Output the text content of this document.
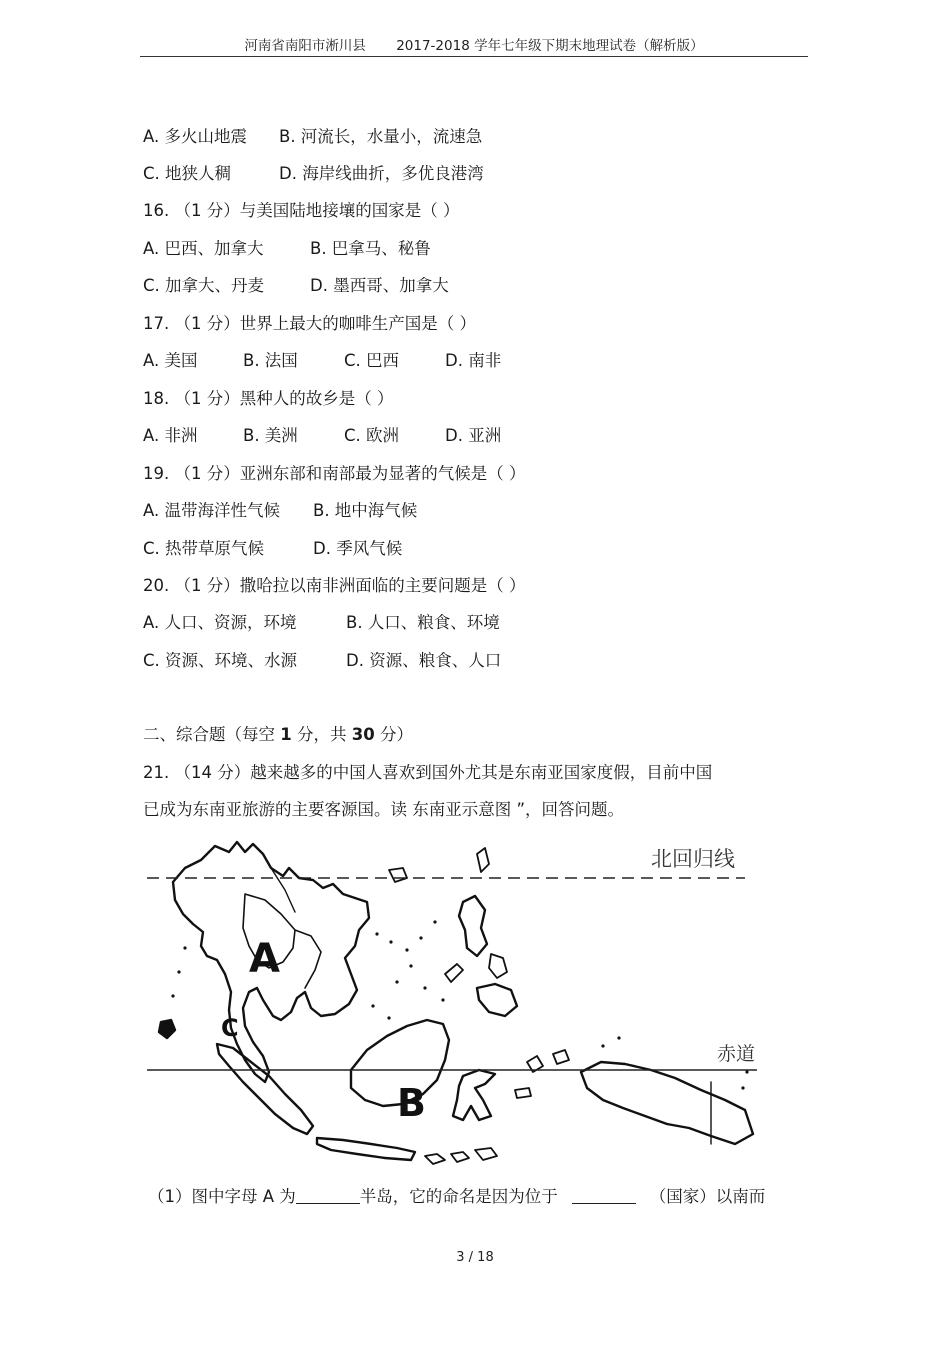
河南省南阳市淅川县 2017-2018 学年七年级下期末地理试卷（解析版）
A. 多火山地震 B. 河流长，水量小，流速急
C. 地狭人稠	D. 海岸线曲折，多优良港湾
16. （1 分）与美国陆地接壤的国家是（ ）
A. 巴西、加拿大	B. 巴拿马、秘鲁
C. 加拿大、丹麦	D. 墨西哥、加拿大
17. （1 分）世界上最大的咖啡生产国是（ ）
A. 美国	B. 法国	C. 巴西	D. 南非
18. （1 分）黑种人的故乡是（ ）
A. 非洲	B. 美洲	C. 欧洲	D. 亚洲
19. （1 分）亚洲东部和南部最为显著的气候是（ ）
A. 温带海洋性气候 B. 地中海气候
C. 热带草原气候	D. 季风气候
20. （1 分）撒哈拉以南非洲面临的主要问题是（ ）
A. 人口、资源，环境	B. 人口、粮食、环境
C. 资源、环境、水源	D. 资源、粮食、人口
二、综合题（每空 1 分，共 30 分）
21. （14 分）越来越多的中国人喜欢到国外尤其是东南亚国家度假，目前中国
已成为东南亚旅游的主要客源国。读 东南亚示意图 ”，回答问题。
北回归线
赤道
A
B
C
（1）图中字母 A 为	半岛，它的命名是因为位于	（国家）以南而
3 / 18
